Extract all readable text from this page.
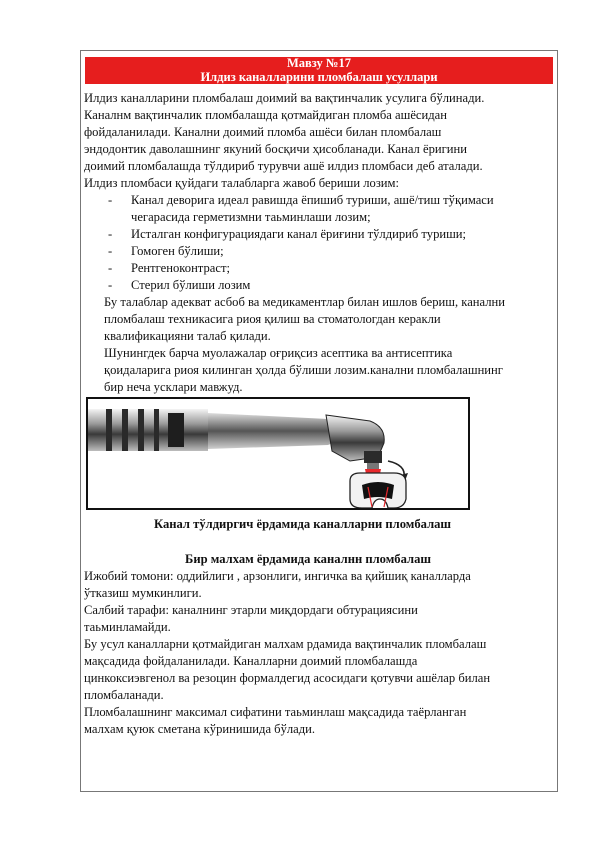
Мавзу №17
Илдиз каналларини пломбалаш усуллари
Илдиз каналларини пломбалаш доимий ва вақтинчалик усулига бўлинади.
Каналнм вақтинчалик пломбалашда қотмайдиган пломба ашёсидан
фойдаланилади. Канални доимий пломба ашёси билан пломбалаш
эндодонтик даволашнинг якуний босқичи ҳисобланади. Канал ёригини
доимий пломбалашда тўлдириб турувчи ашё илдиз пломбаси деб аталади.
Илдиз пломбаси қуйдаги талабларга жавоб бериши лозим:
- Канал деворига идеал равишда ёпишиб туриши, ашё/тиш тўқимаси
чегарасида герметизмни таьминлаши лозим;
- Исталган конфигурациядаги канал ёриғини тўлдириб туриши;
- Гомоген бўлиши;
- Рентгеноконтраст;
- Стерил бўлиши лозим
Бу талаблар адекват асбоб ва медикаментлар билан ишлов бериш, канални
пломбалаш техникасига риоя қилиш ва стоматологдан керакли
квалификацияни талаб қилади.
Шунингдек барча муолажалар оғриқсиз асептика ва антисептика
қоидаларига риоя килинган ҳолда бўлиши лозим.канални пломбалашнинг
бир неча усклари мавжуд.
Канал тўлдиргич ёрдамида каналларни пломбалаш
Бир малхам ёрдамида каналнн пломбалаш
Ижобий томони: оддийлиги , арзонлиги, ингичка ва қийшиқ каналларда
ўтказиш мумкинлиги.
Салбий тарафи: каналнинг этарли миқдордаги обтурациясини
таьминламайди.
Бу усул каналларни қотмайдиган малхам рдамида вақтинчалик пломбалаш
мақсадида фойдаланилади. Каналларни доимий пломбалашда
цинкоксиэвгенол ва резоцин формалдегид асосидаги қотувчи ашёлар билан
пломбаланади.
Пломбалашнинг максимал сифатини таьминлаш мақсадида таёрланган
малхам қуюк сметана кўринишида бўлади.
